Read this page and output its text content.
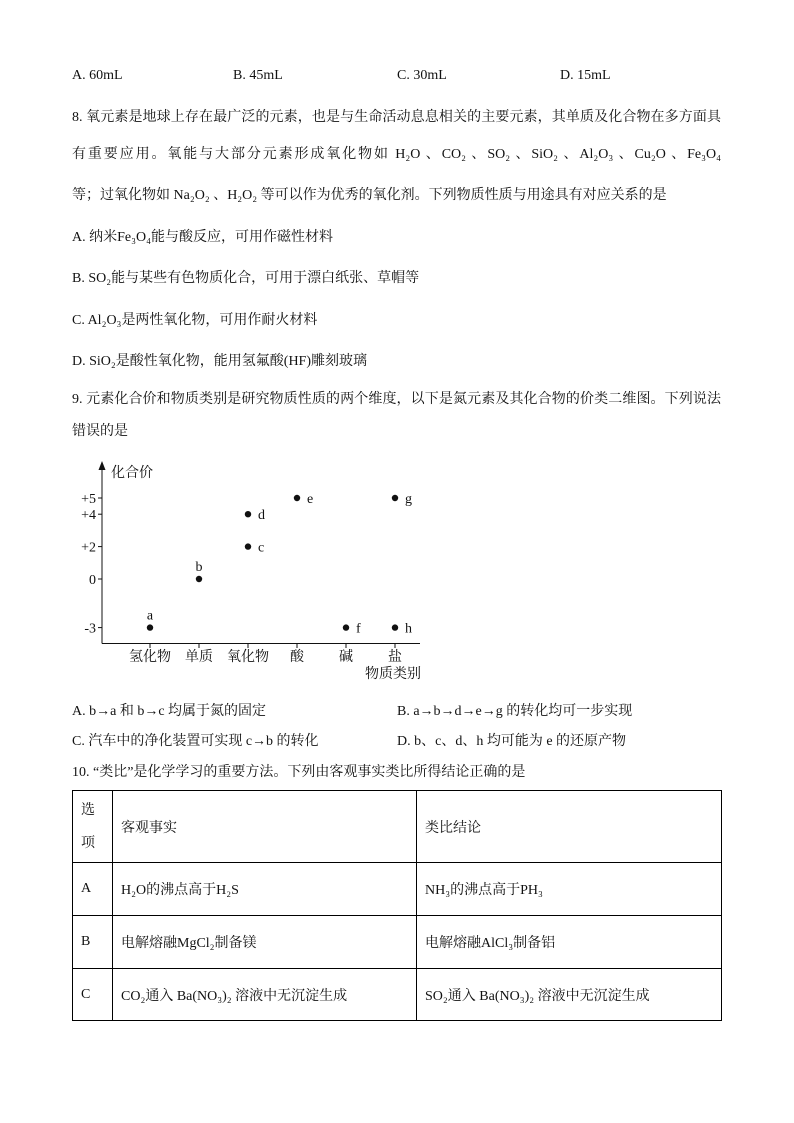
A. 60mL	B. 45mL	C. 30mL	D. 15mL
8. 氧元素是地球上存在最广泛的元素，也是与生命活动息息相关的主要元素，其单质及化合物在多方面具
有重要应用。氧能与大部分元素形成氧化物如 H₂O 、CO₂ 、SO₂ 、SiO₂ 、Al₂O₃ 、Cu₂O 、Fe₃O₄
等；过氧化物如 Na₂O₂ 、H₂O₂ 等可以作为优秀的氧化剂。下列物质性质与用途具有对应关系的是
A. 纳米Fe₃O₄能与酸反应，可用作磁性材料
B. SO₂能与某些有色物质化合，可用于漂白纸张、草帽等
C. Al₂O₃是两性氧化物，可用作耐火材料
D. SiO₂是酸性氧化物，能用氢氟酸(HF)雕刻玻璃
9. 元素化合价和物质类别是研究物质性质的两个维度，以下是氮元素及其化合物的价类二维图。下列说法
错误的是
化合价
物质类别
氢化物 单质 氧化物 酸	碱	盐
+5
+4
+2
0
-3
a
b
c
d
e
f
g
h
A. b→a 和 b→c 均属于氮的固定	B. a→b→d→e→g 的转化均可一步实现
C. 汽车中的净化装置可实现 c→b 的转化	D. b、c、d、h 均可能为 e 的还原产物
10. “类比”是化学学习的重要方法。下列由客观事实类比所得结论正确的是
选项	客观事实	类比结论
A	H₂O的沸点高于H₂S	NH₃的沸点高于PH₃
B	电解熔融MgCl₂制备镁	电解熔融AlCl₃制备铝
C	CO₂通入 Ba(NO₃)₂ 溶液中无沉淀生成	SO₂通入 Ba(NO₃)₂ 溶液中无沉淀生成
